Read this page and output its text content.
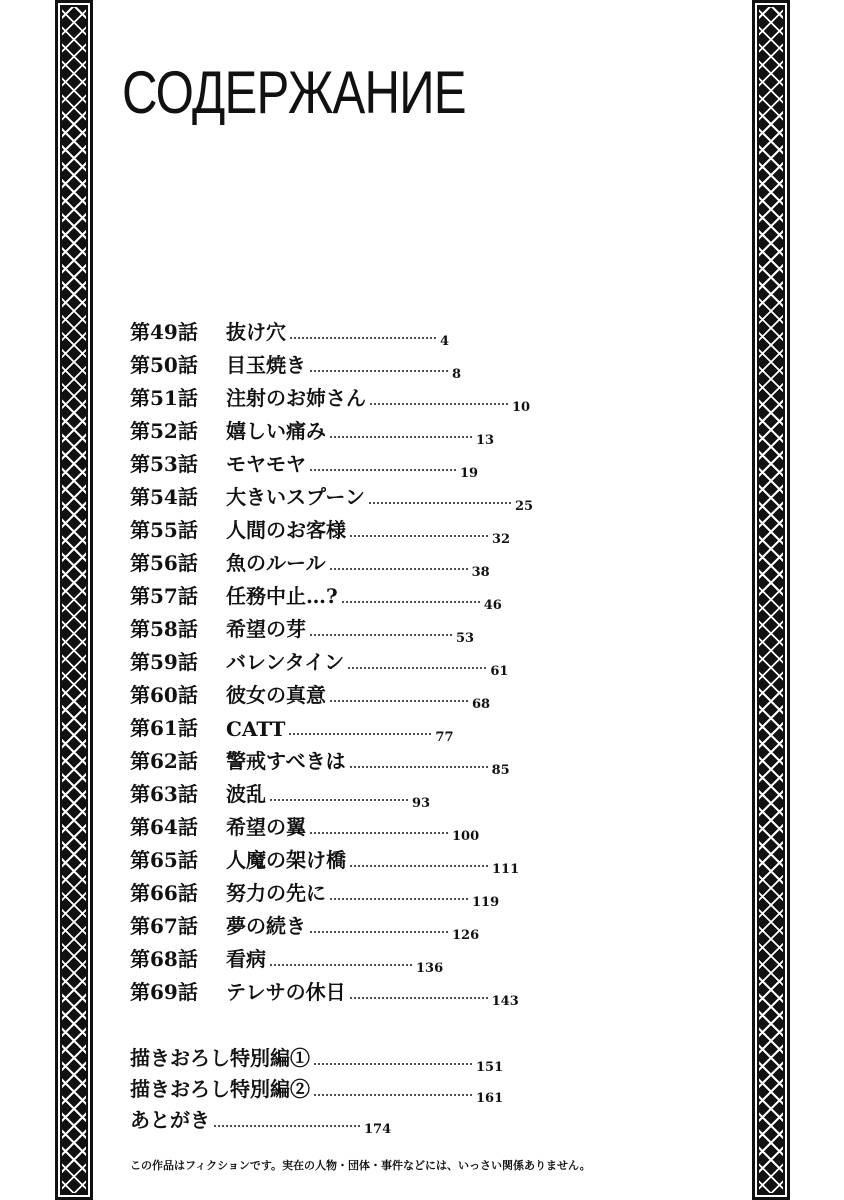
СОДЕРЖАНИЕ
第49話	抜け穴	4
第50話	目玉焼き	8
第51話	注射のお姉さん	10
第52話	嬉しい痛み	13
第53話	モヤモヤ	19
第54話	大きいスプーン	25
第55話	人間のお客様	32
第56話	魚のルール	38
第57話	任務中止…?	46
第58話	希望の芽	53
第59話	バレンタイン	61
第60話	彼女の真意	68
第61話	CATT	77
第62話	警戒すべきは	85
第63話	波乱	93
第64話	希望の翼	100
第65話	人魔の架け橋	111
第66話	努力の先に	119
第67話	夢の続き	126
第68話	看病	136
第69話	テレサの休日	143
描きおろし特別編①	151
描きおろし特別編②	161
あとがき	174

この作品はフィクションです。実在の人物・団体・事件などには、いっさい関係ありません。
